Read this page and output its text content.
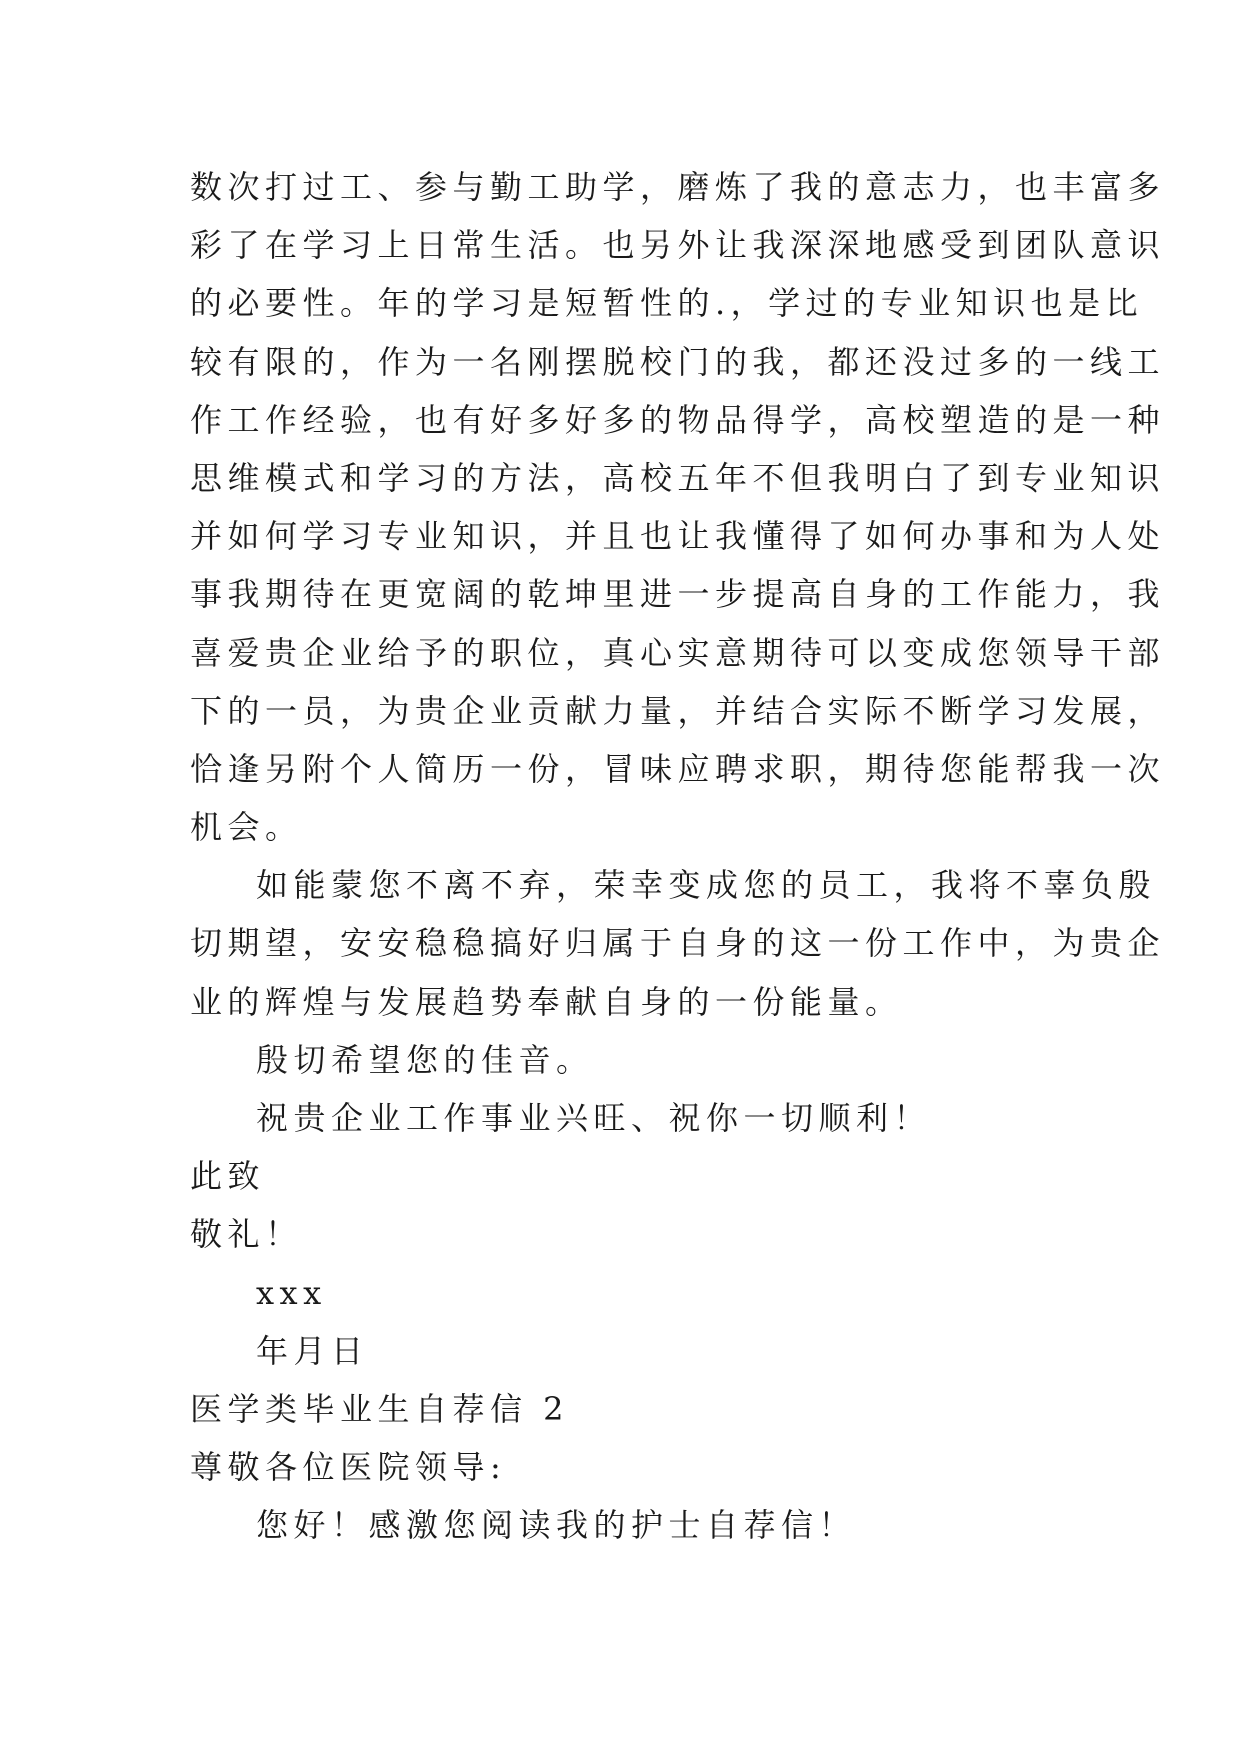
数次打过工、参与勤工助学，磨炼了我的意志力，也丰富多
彩了在学习上日常生活。也另外让我深深地感受到团队意识
的必要性。年的学习是短暂性的.，学过的专业知识也是比
较有限的，作为一名刚摆脱校门的我，都还没过多的一线工
作工作经验，也有好多好多的物品得学，高校塑造的是一种
思维模式和学习的方法，高校五年不但我明白了到专业知识
并如何学习专业知识，并且也让我懂得了如何办事和为人处
事我期待在更宽阔的乾坤里进一步提高自身的工作能力，我
喜爱贵企业给予的职位，真心实意期待可以变成您领导干部
下的一员，为贵企业贡献力量，并结合实际不断学习发展，
恰逢另附个人简历一份，冒味应聘求职，期待您能帮我一次
机会。
如能蒙您不离不弃，荣幸变成您的员工，我将不辜负殷
切期望，安安稳稳搞好归属于自身的这一份工作中，为贵企
业的辉煌与发展趋势奉献自身的一份能量。
殷切希望您的佳音。
祝贵企业工作事业兴旺、祝你一切顺利！
此致
敬礼！
xxx
年月日
医学类毕业生自荐信 2
尊敬各位医院领导:
您好！感激您阅读我的护士自荐信！
